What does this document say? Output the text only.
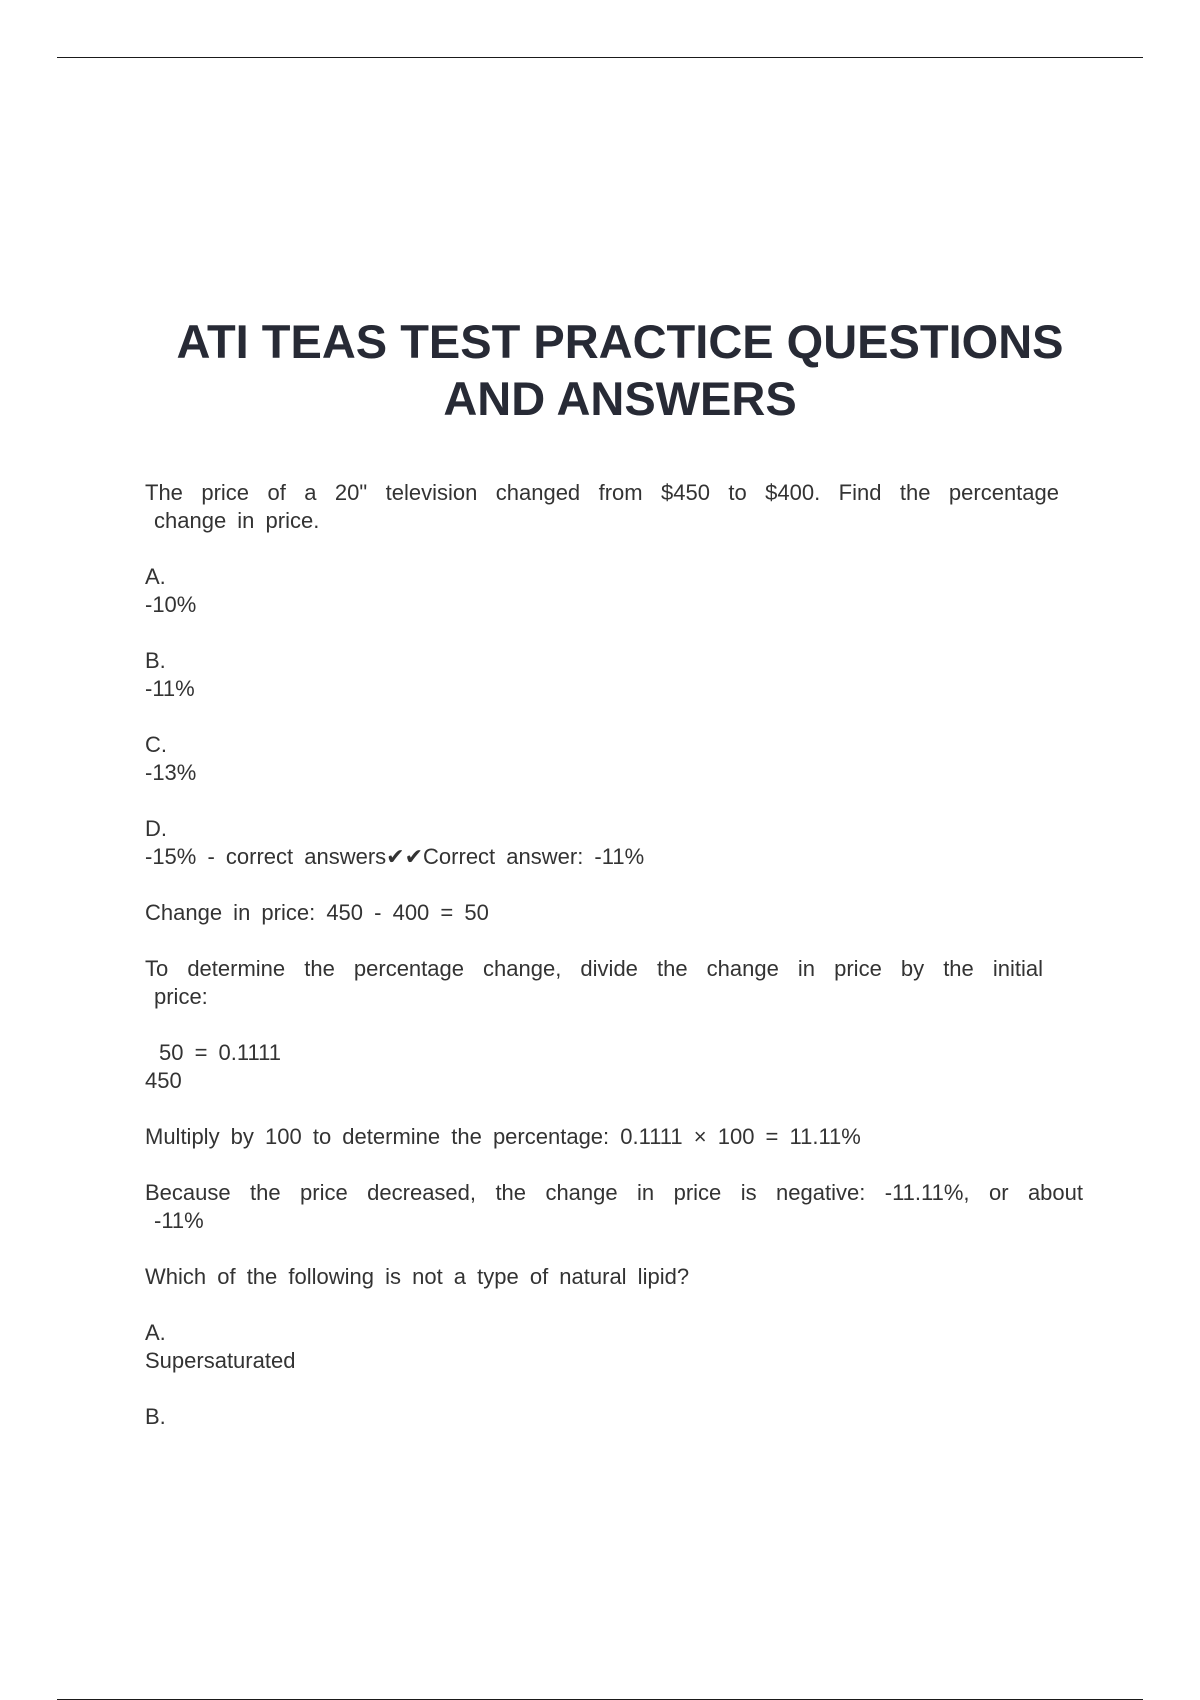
ATI TEAS TEST PRACTICE QUESTIONS
AND ANSWERS
The price of a 20" television changed from $450 to $400. Find the percentage
change in price.
A.
-10%
B.
-11%
C.
-13%
D.
-15% - correct answers✔✔Correct answer: -11%
Change in price: 450 - 400 = 50
To determine the percentage change, divide the change in price by the initial
price:
50 = 0.1111
450
Multiply by 100 to determine the percentage: 0.1111 × 100 = 11.11%
Because the price decreased, the change in price is negative: -11.11%, or about
-11%
Which of the following is not a type of natural lipid?
A.
Supersaturated
B.
